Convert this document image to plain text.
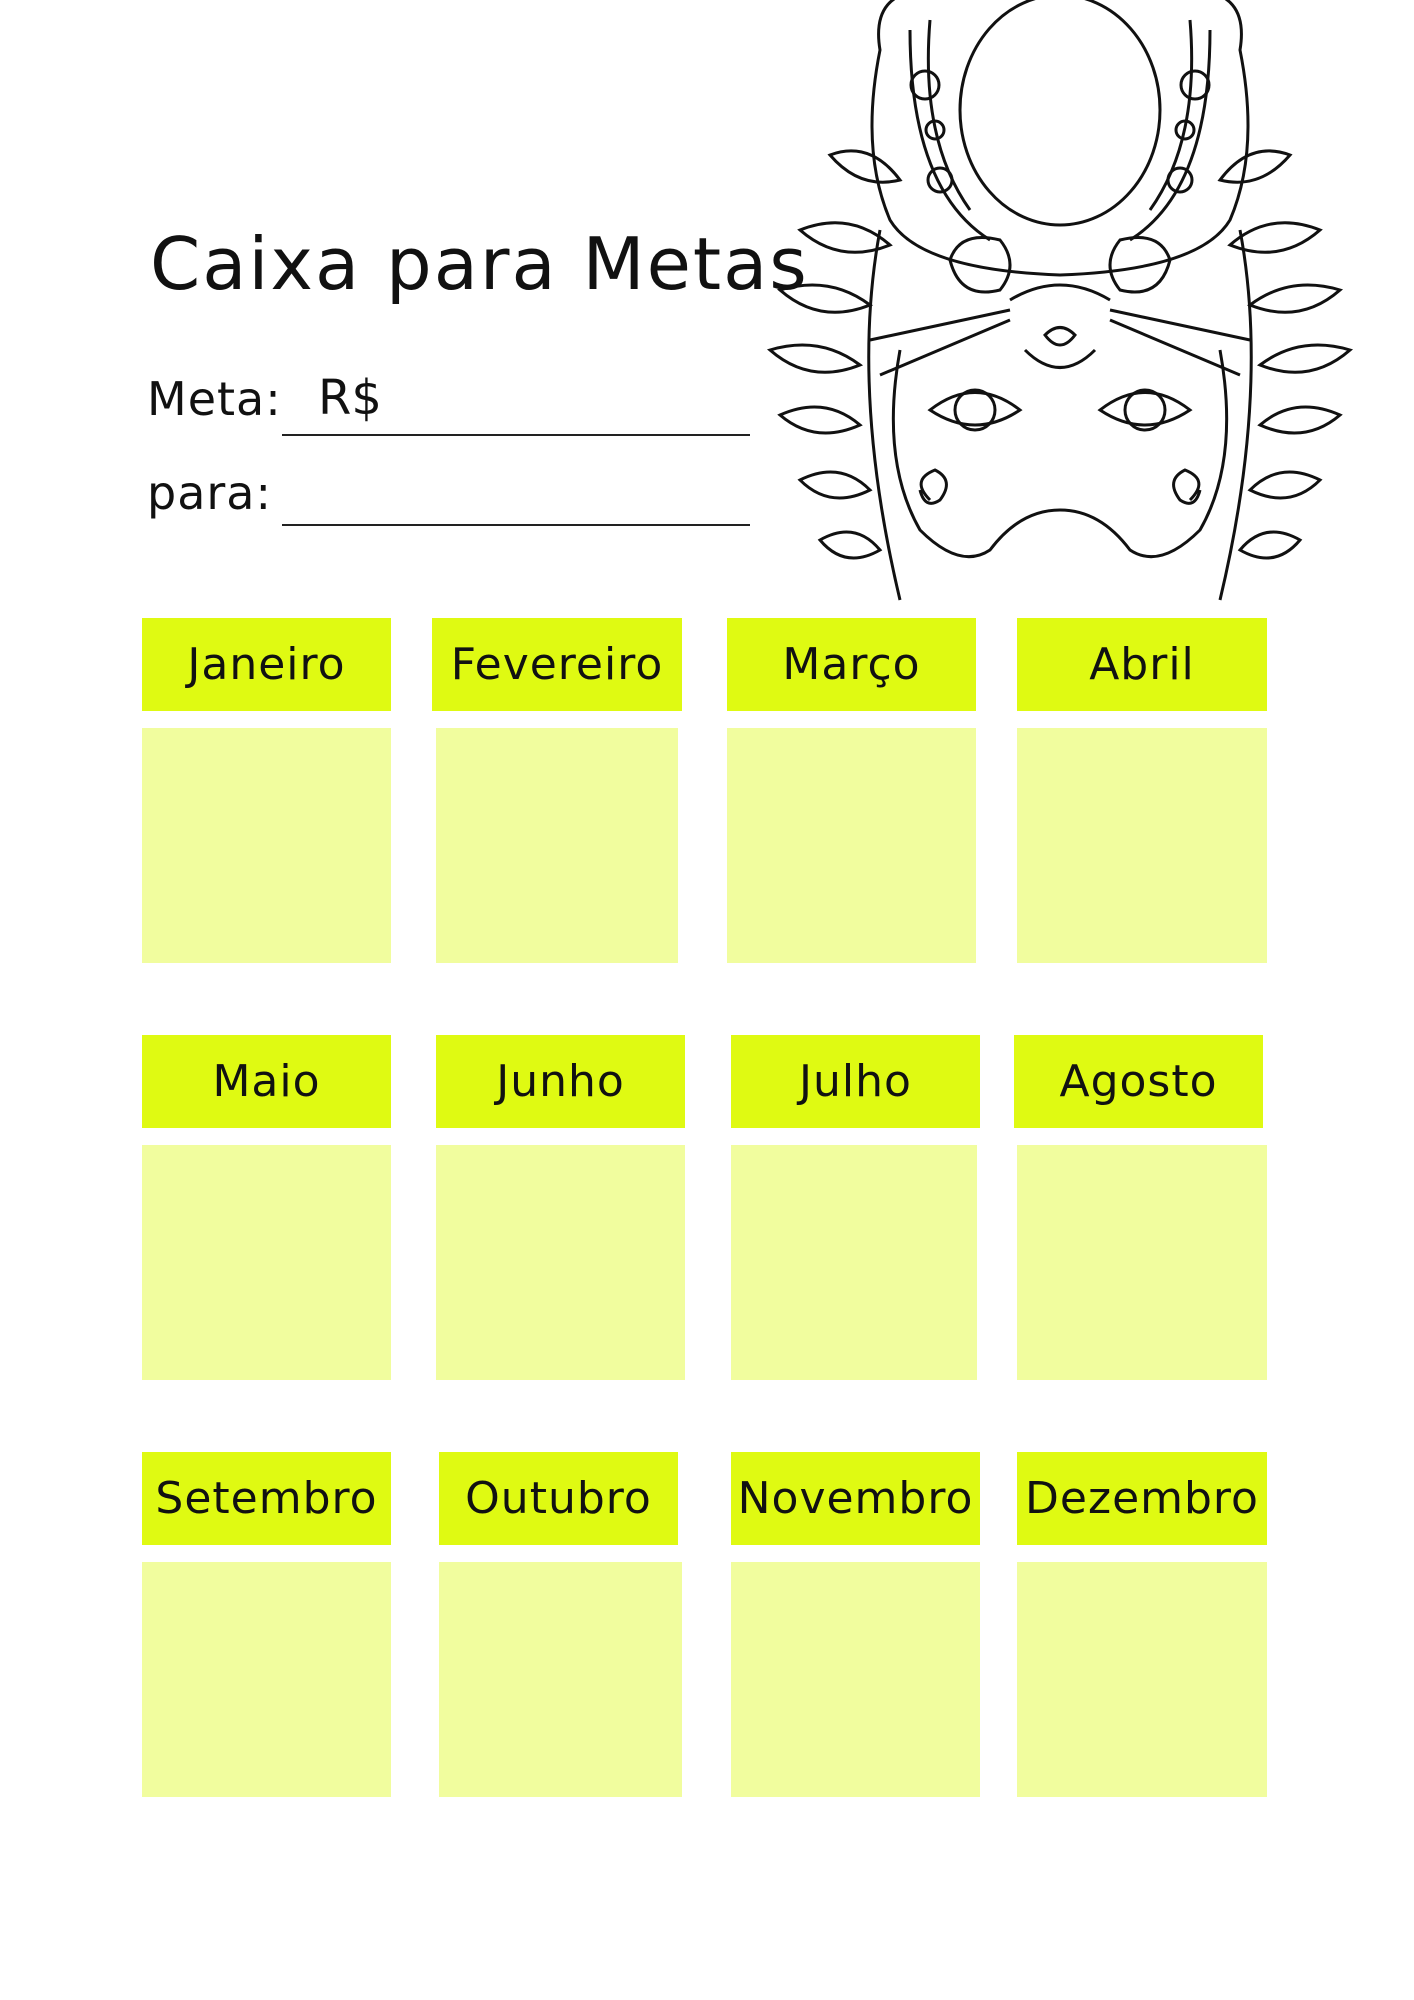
Caixa para Metas
Meta: R$
para:
Janeiro	Fevereiro	Março	Abril
Maio	Junho	Julho	Agosto
Setembro	Outubro	Novembro Dezembro
